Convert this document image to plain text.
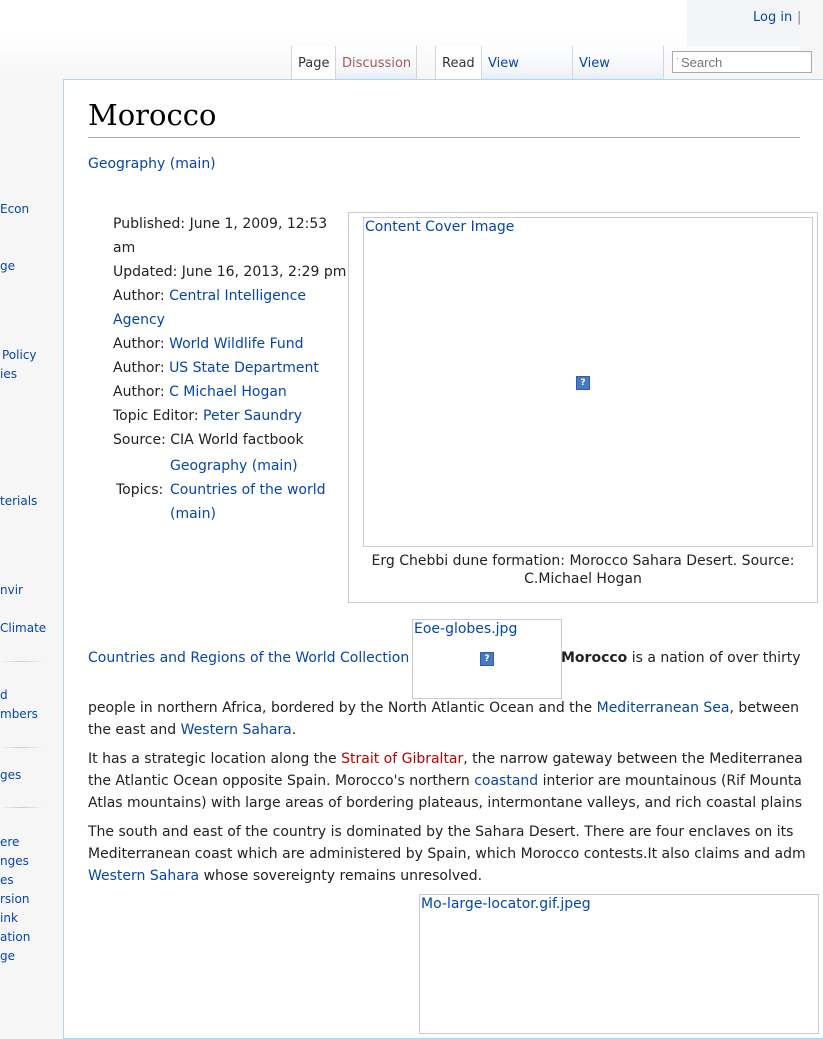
Log in |
Page Discussion	Read	View	View
Search	ᐧ
Econ
ge
Policy
ies
terials
nvir
Climate
d
mbers
ges
ere
nges
es
rsion
ink
ation
ge
Morocco
Geography (main)
Published: June 1, 2009, 12:53
am
Updated: June 16, 2013, 2:29 pm
Author: Central Intelligence
Agency
Author: World Wildlife Fund
Author: US State Department
Author: C Michael Hogan
Topic Editor: Peter Saundry
Source: CIA World factbook
Topics:
Geography (main)
Countries of the world
(main)
Content Cover Image
?
Erg Chebbi dune formation: Morocco Sahara Desert. Source:
C.Michael Hogan
Countries and Regions of the World Collection
Eoe-globes.jpg
?	Morocco is a nation of over thirty
people in northern Africa, bordered by the North Atlantic Ocean and the Mediterranean Sea, between
the east and Western Sahara.
It has a strategic location along the Strait of Gibraltar, the narrow gateway between the Mediterranea
the Atlantic Ocean opposite Spain. Morocco's northern coastand interior are mountainous (Rif Mounta
Atlas mountains) with large areas of bordering plateaus, intermontane valleys, and rich coastal plains
The south and east of the country is dominated by the Sahara Desert. There are four enclaves on its
Mediterranean coast which are administered by Spain, which Morocco contests.It also claims and adm
Western Sahara whose sovereignty remains unresolved.
Mo-large-locator.gif.jpeg
